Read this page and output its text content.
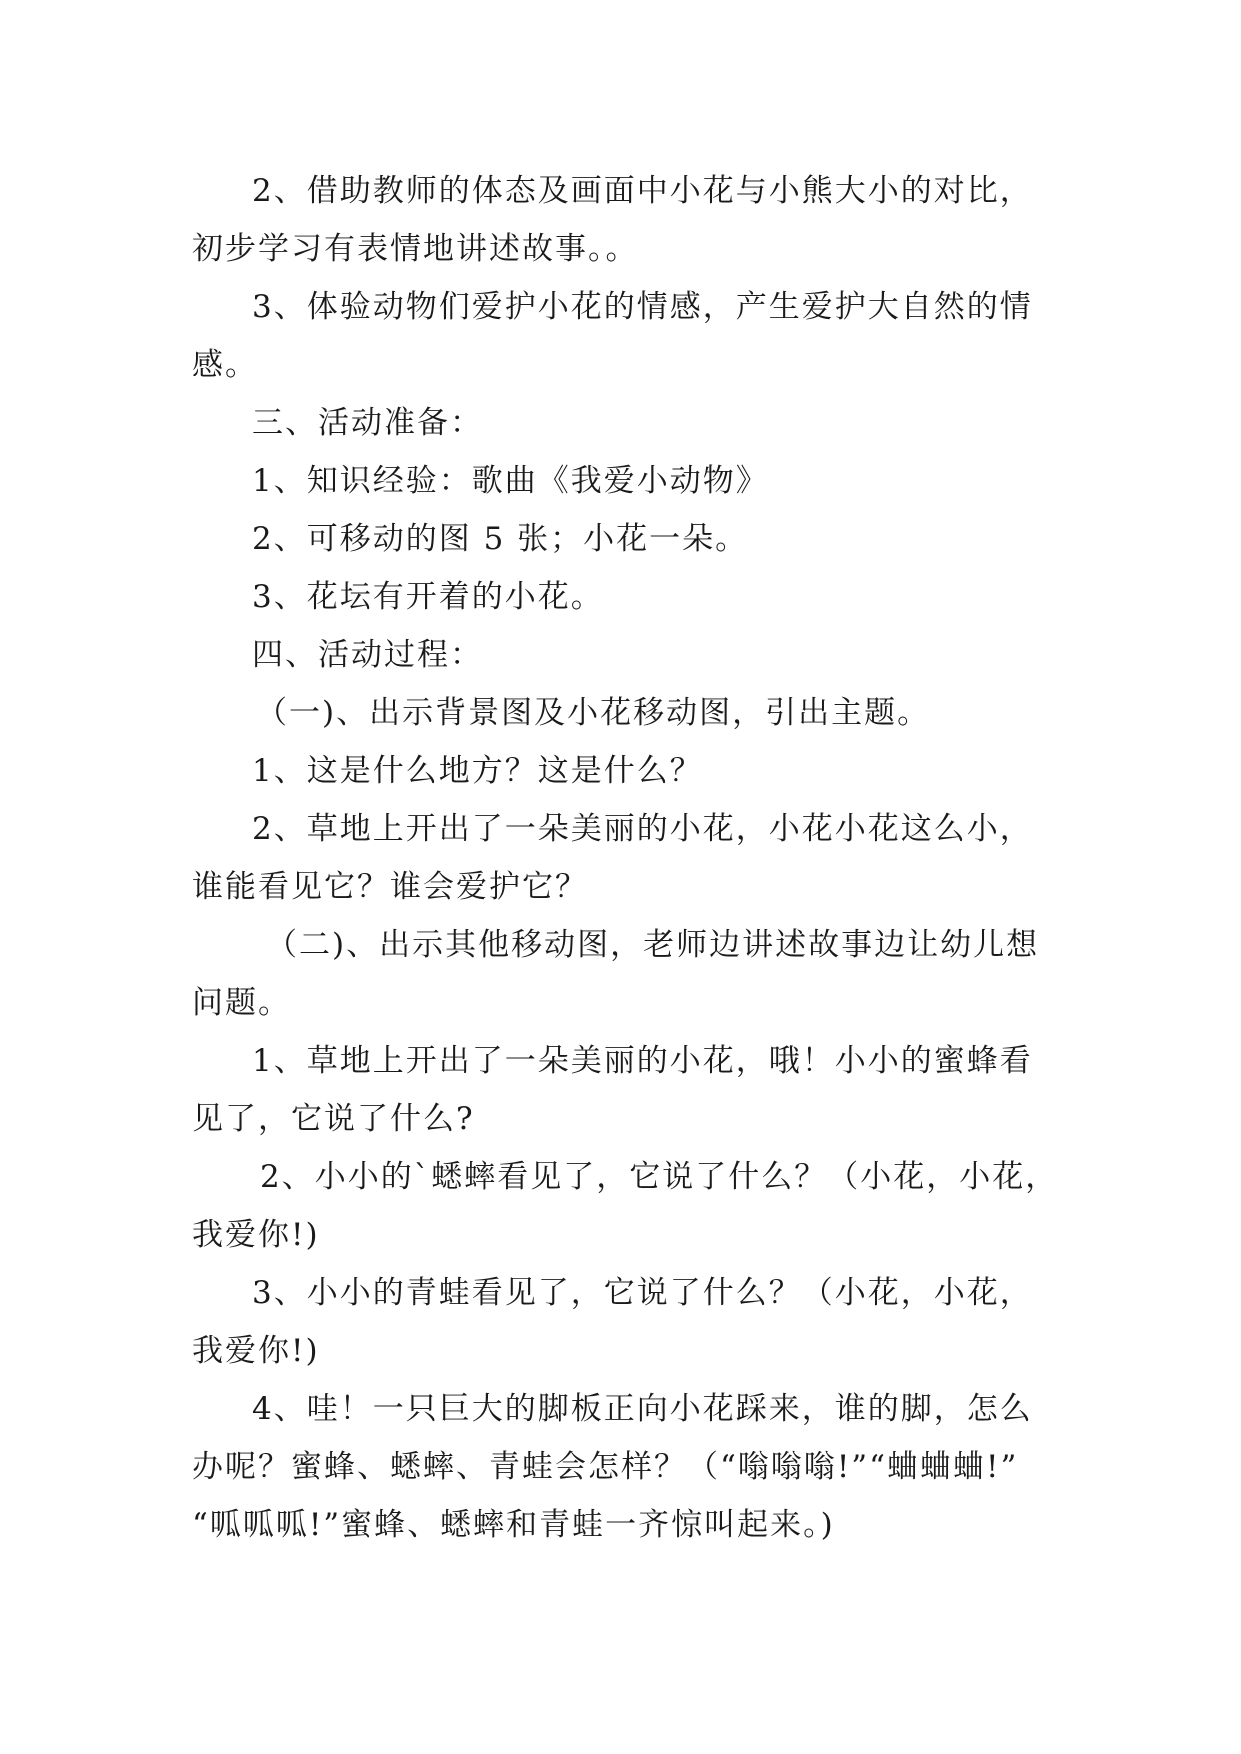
2、借助教师的体态及画面中小花与小熊大小的对比，
初步学习有表情地讲述故事。。
3、体验动物们爱护小花的情感，产生爱护大自然的情
感。
三、活动准备：
1、知识经验：歌曲《我爱小动物》
2、可移动的图 5 张；小花一朵。
3、花坛有开着的小花。
四、活动过程：
（一)、出示背景图及小花移动图，引出主题。
1、这是什么地方？这是什么？
2、草地上开出了一朵美丽的小花，小花小花这么小，
谁能看见它？谁会爱护它？
（二)、出示其他移动图，老师边讲述故事边让幼儿想
问题。
1、草地上开出了一朵美丽的小花，哦！小小的蜜蜂看
见了，它说了什么?
2、小小的`蟋蟀看见了，它说了什么？（小花，小花，
我爱你!)
3、小小的青蛙看见了，它说了什么？（小花，小花，
我爱你!)
4、哇！一只巨大的脚板正向小花踩来，谁的脚，怎么
办呢？蜜蜂、蟋蟀、青蛙会怎样？（“嗡嗡嗡!”“蛐蛐蛐!”
“呱呱呱!”蜜蜂、蟋蟀和青蛙一齐惊叫起来。)
